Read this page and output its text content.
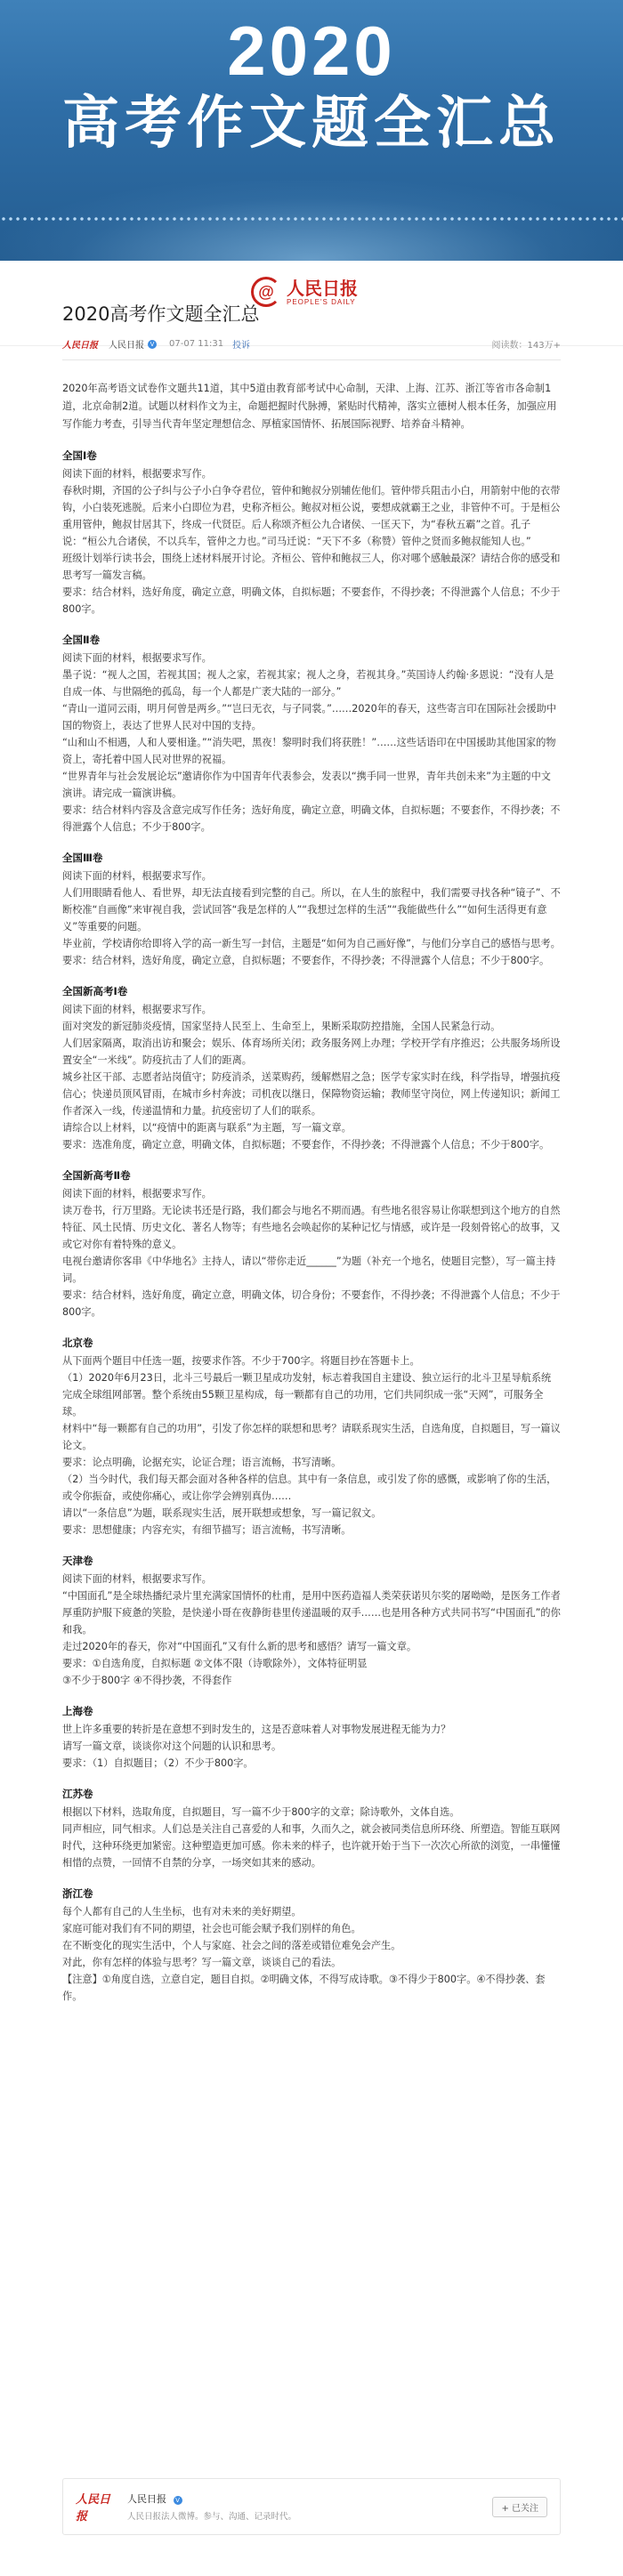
2020
高考作文题全汇总
@ 人民日报
PEOPLE'S DAILY
2020高考作文题全汇总
人民日报 人民日报 V 07-07 11:31 投诉	阅读数：143万+

2020年高考语文试卷作文题共11道，其中5道由教育部考试中心命制，天津、上海、江苏、浙江等省市各命制1道，北京命制2道。试题以材料作文为主，命题把握时代脉搏，紧贴时代精神，落实立德树人根本任务，加强应用写作能力考查，引导当代青年坚定理想信念、厚植家国情怀、拓展国际视野、培养奋斗精神。

全国Ⅰ卷

阅读下面的材料，根据要求写作。

春秋时期，齐国的公子纠与公子小白争夺君位，管仲和鲍叔分别辅佐他们。管仲带兵阻击小白，用箭射中他的衣带钩，小白装死逃脱。后来小白即位为君，史称齐桓公。鲍叔对桓公说，要想成就霸王之业，非管仲不可。于是桓公重用管仲，鲍叔甘居其下，终成一代贤臣。后人称颂齐桓公九合诸侯、一匡天下，为“春秋五霸”之首。孔子说：“桓公九合诸侯，不以兵车，管仲之力也。”司马迁说：“天下不多（称赞）管仲之贤而多鲍叔能知人也。”

班级计划举行读书会，围绕上述材料展开讨论。齐桓公、管仲和鲍叔三人，你对哪个感触最深？请结合你的感受和思考写一篇发言稿。

要求：结合材料，选好角度，确定立意，明确文体，自拟标题；不要套作，不得抄袭；不得泄露个人信息；不少于800字。

全国Ⅱ卷

阅读下面的材料，根据要求写作。

墨子说：“视人之国，若视其国；视人之家，若视其家；视人之身，若视其身。”英国诗人约翰·多恩说：“没有人是自成一体、与世隔绝的孤岛，每一个人都是广袤大陆的一部分。”

“青山一道同云雨，明月何曾是两乡。”“岂曰无衣，与子同裳。”……2020年的春天，这些寄言印在国际社会援助中国的物资上，表达了世界人民对中国的支持。

“山和山不相遇，人和人要相逢。”“消失吧，黑夜！黎明时我们将获胜！”……这些话语印在中国援助其他国家的物资上，寄托着中国人民对世界的祝福。

“世界青年与社会发展论坛”邀请你作为中国青年代表参会，发表以“携手同一世界，青年共创未来”为主题的中文演讲。请完成一篇演讲稿。

要求：结合材料内容及含意完成写作任务；选好角度，确定立意，明确文体，自拟标题；不要套作，不得抄袭；不得泄露个人信息；不少于800字。

全国Ⅲ卷

阅读下面的材料，根据要求写作。

人们用眼睛看他人、看世界，却无法直接看到完整的自己。所以，在人生的旅程中，我们需要寻找各种“镜子”、不断校准“自画像”来审视自我，尝试回答“我是怎样的人”“我想过怎样的生活”“我能做些什么”“如何生活得更有意义”等重要的问题。

毕业前，学校请你给即将入学的高一新生写一封信，主题是“如何为自己画好像”，与他们分享自己的感悟与思考。

要求：结合材料，选好角度，确定立意，自拟标题；不要套作，不得抄袭；不得泄露个人信息；不少于800字。

全国新高考Ⅰ卷

阅读下面的材料，根据要求写作。

面对突发的新冠肺炎疫情，国家坚持人民至上、生命至上，果断采取防控措施，全国人民紧急行动。

人们居家隔离，取消出访和聚会；娱乐、体育场所关闭；政务服务网上办理；学校开学有序推迟；公共服务场所设置安全“一米线”。防疫抗击了人们的距离。

城乡社区干部、志愿者站岗值守；防疫消杀，送菜购药，缓解燃眉之急；医学专家实时在线，科学指导，增强抗疫信心；快递员顶风冒雨，在城市乡村奔波；司机夜以继日，保障物资运输；教师坚守岗位，网上传递知识；新闻工作者深入一线，传递温情和力量。抗疫密切了人们的联系。

请综合以上材料，以“疫情中的距离与联系”为主题，写一篇文章。

要求：选准角度，确定立意，明确文体，自拟标题；不要套作，不得抄袭；不得泄露个人信息；不少于800字。

全国新高考Ⅱ卷

阅读下面的材料，根据要求写作。

读万卷书，行万里路。无论读书还是行路，我们都会与地名不期而遇。有些地名很容易让你联想到这个地方的自然特征、风土民情、历史文化、著名人物等；有些地名会唤起你的某种记忆与情感，或许是一段刻骨铭心的故事，又或它对你有着特殊的意义。

电视台邀请你客串《中华地名》主持人，请以“带你走近______”为题（补充一个地名，使题目完整），写一篇主持词。

要求：结合材料，选好角度，确定立意，明确文体，切合身份；不要套作，不得抄袭；不得泄露个人信息；不少于800字。

北京卷

从下面两个题目中任选一题，按要求作答。不少于700字。将题目抄在答题卡上。

（1）2020年6月23日，北斗三号最后一颗卫星成功发射，标志着我国自主建设、独立运行的北斗卫星导航系统完成全球组网部署。整个系统由55颗卫星构成，每一颗都有自己的功用，它们共同织成一张“天网”，可服务全球。

材料中“每一颗都有自己的功用”，引发了你怎样的联想和思考？请联系现实生活，自选角度，自拟题目，写一篇议论文。

要求：论点明确，论据充实，论证合理；语言流畅，书写清晰。

（2）当今时代，我们每天都会面对各种各样的信息。其中有一条信息，或引发了你的感慨，或影响了你的生活，或令你振奋，或使你痛心，或让你学会辨别真伪……

请以“一条信息”为题，联系现实生活，展开联想或想象，写一篇记叙文。

要求：思想健康；内容充实，有细节描写；语言流畅，书写清晰。

天津卷

阅读下面的材料，根据要求写作。

“中国面孔”是全球热播纪录片里充满家国情怀的杜甫，是用中医药造福人类荣获诺贝尔奖的屠呦呦，是医务工作者厚重防护服下疲惫的笑脸，是快递小哥在夜静街巷里传递温暖的双手……也是用各种方式共同书写“中国面孔”的你和我。

走过2020年的春天，你对“中国面孔”又有什么新的思考和感悟？请写一篇文章。

要求：①自选角度，自拟标题 ②文体不限（诗歌除外），文体特征明显

③不少于800字 ④不得抄袭，不得套作

上海卷

世上许多重要的转折是在意想不到时发生的，这是否意味着人对事物发展进程无能为力？

请写一篇文章，谈谈你对这个问题的认识和思考。

要求：（1）自拟题目；（2）不少于800字。

江苏卷

根据以下材料，选取角度，自拟题目，写一篇不少于800字的文章；除诗歌外，文体自选。

同声相应，同气相求。人们总是关注自己喜爱的人和事，久而久之，就会被同类信息所环绕、所塑造。智能互联网时代，这种环绕更加紧密。这种塑造更加可感。你未来的样子，也许就开始于当下一次次心所欲的浏览，一串懂懂相惜的点赞，一回情不自禁的分享，一场突如其来的感动。

浙江卷

每个人都有自己的人生坐标，也有对未来的美好期望。

家庭可能对我们有不同的期望，社会也可能会赋予我们别样的角色。

在不断变化的现实生活中，个人与家庭、社会之间的落差或错位难免会产生。

对此，你有怎样的体验与思考？写一篇文章，谈谈自己的看法。

【注意】①角度自选，立意自定，题目自拟。②明确文体，不得写成诗歌。③不得少于800字。④不得抄袭、套作。

人民日报
人民日报 V
人民日报法人微博。参与、沟通、记录时代。
+ 已关注
